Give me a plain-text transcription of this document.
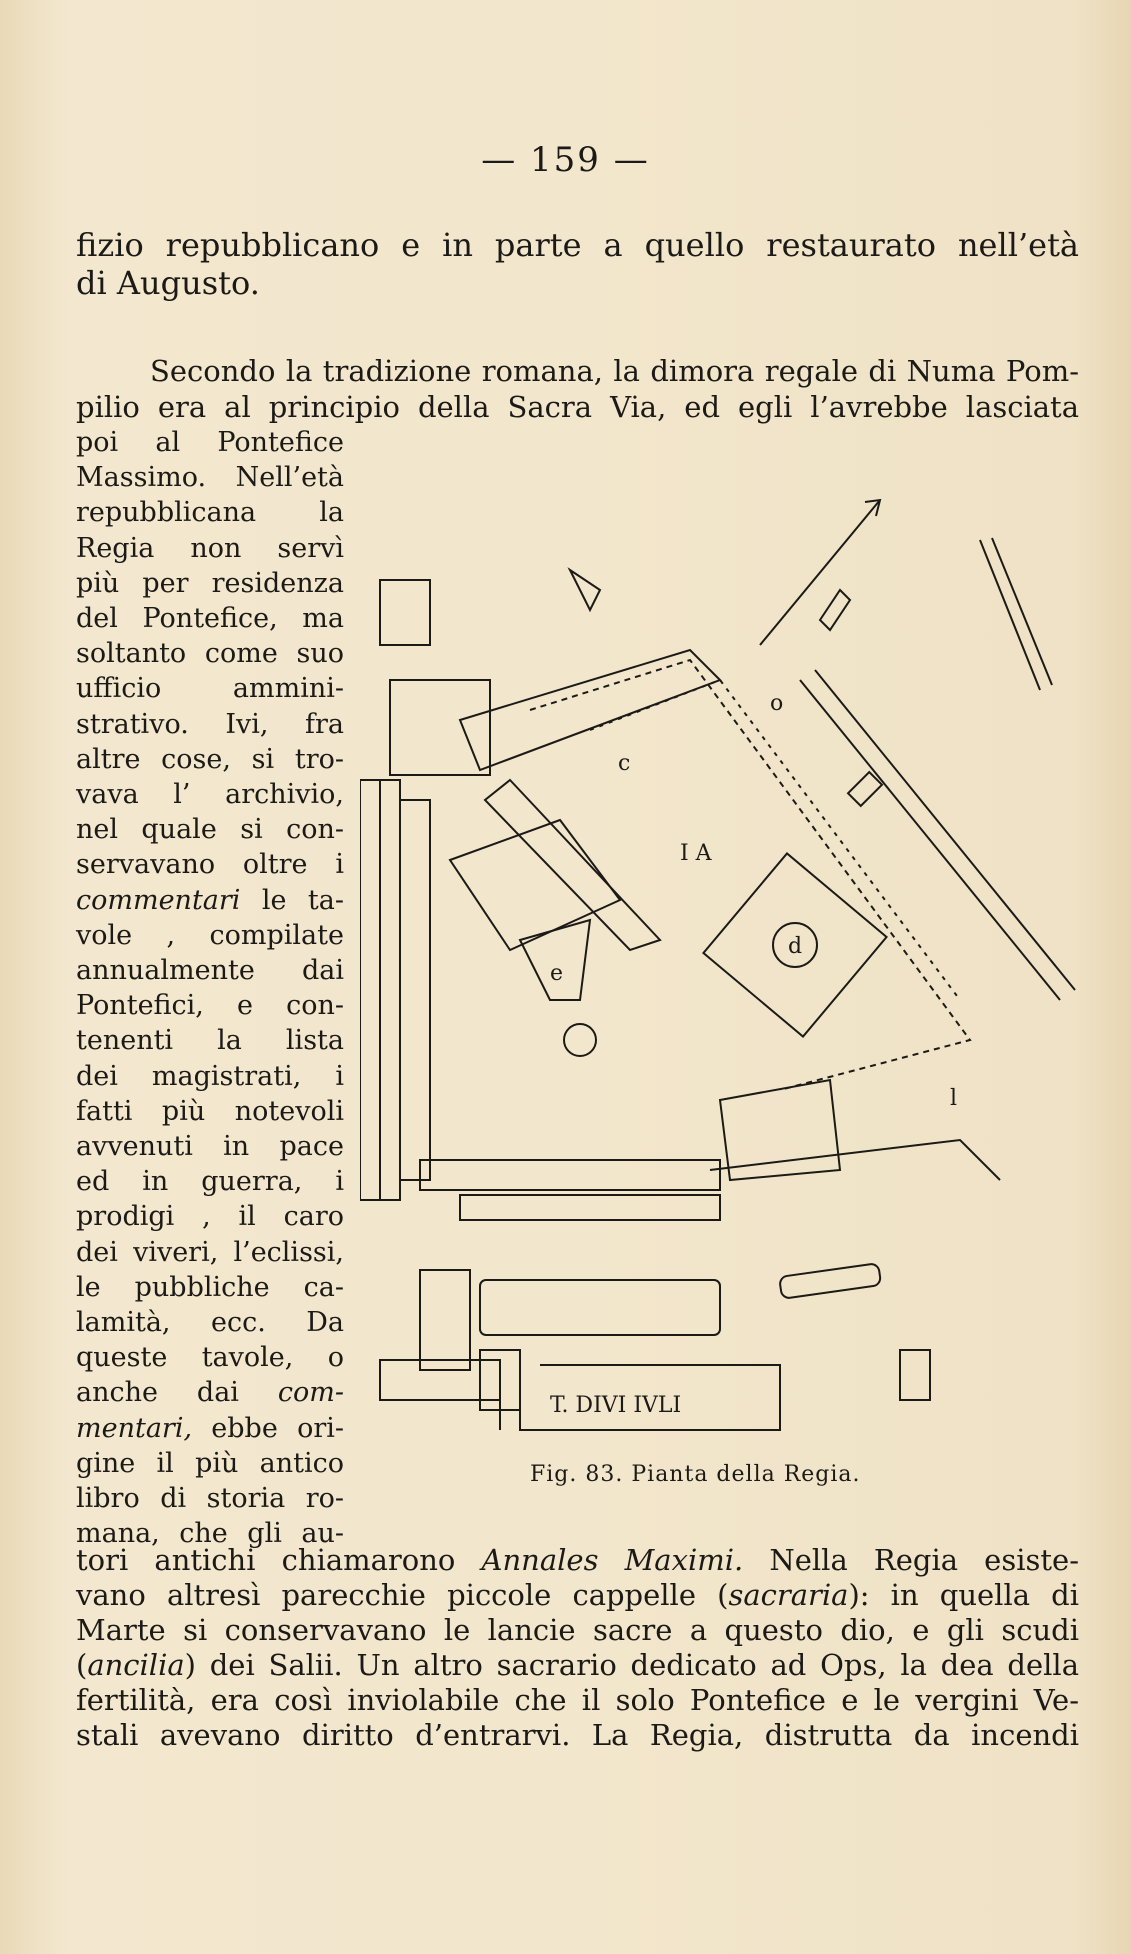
— 159 —
fizio repubblicano e in parte a quello restaurato nell’età
di Augusto.
Secondo la tradizione romana, la dimora regale di Numa Pom-
pilio era al principio della Sacra Via, ed egli l’avrebbe lasciata
poi al Pontefice
Massimo. Nell’età
repubblicana la
Regia non servì
più per residenza
del Pontefice, ma
soltanto come suo
ufficio ammini-
strativo. Ivi, fra
altre cose, si tro-
vava l’ archivio,
nel quale si con-
servavano oltre i
commentari le ta-
vole , compilate
annualmente dai
Pontefici, e con-
tenenti la lista
dei magistrati, i
fatti più notevoli
avvenuti in pace
ed in guerra, i
prodigi , il caro
dei viveri, l’eclissi,
le pubbliche ca-
lamità, ecc. Da
queste tavole, o
anche dai com-
mentari, ebbe ori-
gine il più antico
libro di storia ro-
mana, che gli au-
tori antichi chiamarono Annales Maximi. Nella Regia esiste-
vano altresì parecchie piccole cappelle (sacraria): in quella di
Marte si conservavano le lancie sacre a questo dio, e gli scudi
(ancilia) dei Salii. Un altro sacrario dedicato ad Ops, la dea della
fertilità, era così inviolabile che il solo Pontefice e le vergini Ve-
stali avevano diritto d’entrarvi. La Regia, distrutta da incendi
c
d
e
l
o
I A
T. DIVI IVLI
Fig. 83. Pianta della Regia.
